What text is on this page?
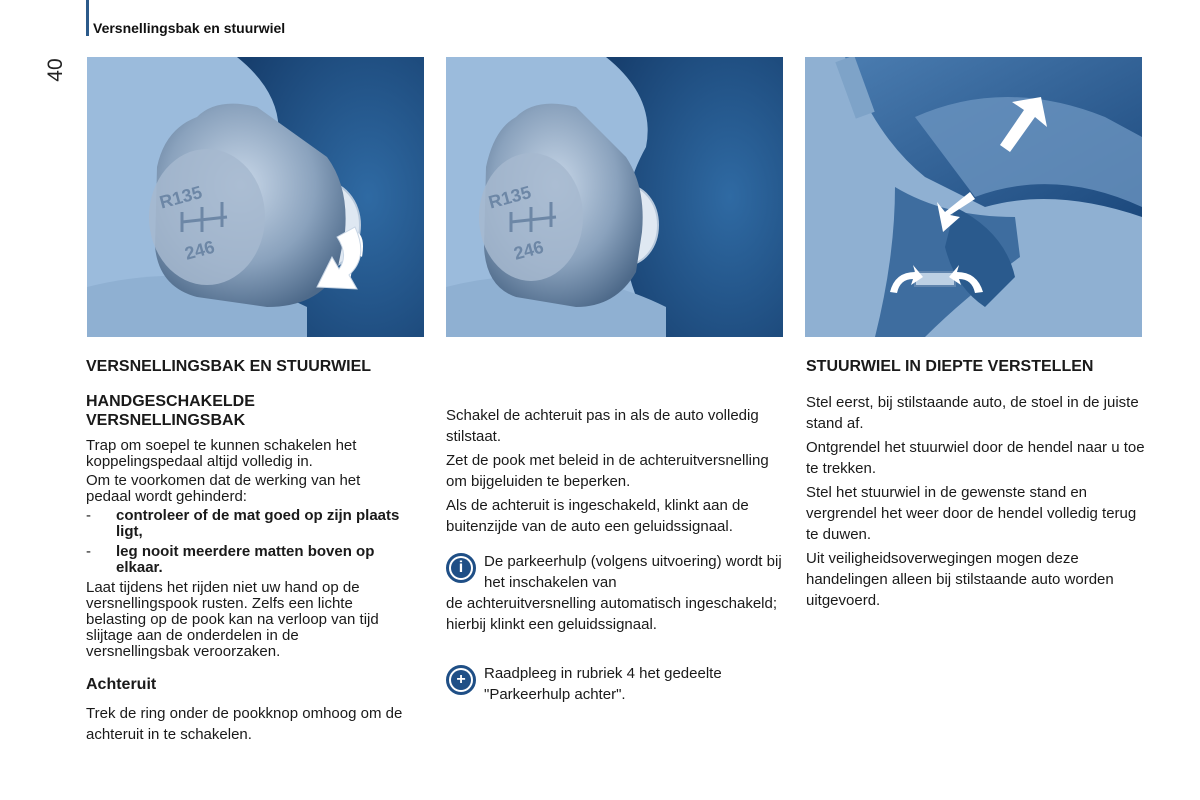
40
Versnellingsbak en stuurwiel
R135
246
R135
246
VERSNELLINGSBAK EN STUURWIEL
HANDGESCHAKELDE VERSNELLINGSBAK
Trap om soepel te kunnen schakelen het koppelingspedaal altijd volledig in.
Om te voorkomen dat de werking van het pedaal wordt gehinderd:
- controleer of de mat goed op zijn plaats ligt,
- leg nooit meerdere matten boven op elkaar.
Laat tijdens het rijden niet uw hand op de versnellingspook rusten. Zelfs een lichte belasting op de pook kan na verloop van tijd slijtage aan de onderdelen in de versnellingsbak veroorzaken.
Achteruit
Trek de ring onder de pookknop omhoog om de achteruit in te schakelen.
Schakel de achteruit pas in als de auto volledig stilstaat.
Zet de pook met beleid in de achteruitversnelling om bijgeluiden te beperken.
Als de achteruit is ingeschakeld, klinkt aan de buitenzijde van de auto een geluidssignaal.
i	De parkeerhulp (volgens uitvoering) wordt bij het inschakelen van
de achteruitversnelling automatisch ingeschakeld; hierbij klinkt een geluidssignaal.
+	Raadpleeg in rubriek 4 het gedeelte "Parkeerhulp achter".
STUURWIEL IN DIEPTE VERSTELLEN
Stel eerst, bij stilstaande auto, de stoel in de juiste stand af.
Ontgrendel het stuurwiel door de hendel naar u toe te trekken.
Stel het stuurwiel in de gewenste stand en vergrendel het weer door de hendel volledig terug te duwen.
Uit veiligheidsoverwegingen mogen deze handelingen alleen bij stilstaande auto worden uitgevoerd.
